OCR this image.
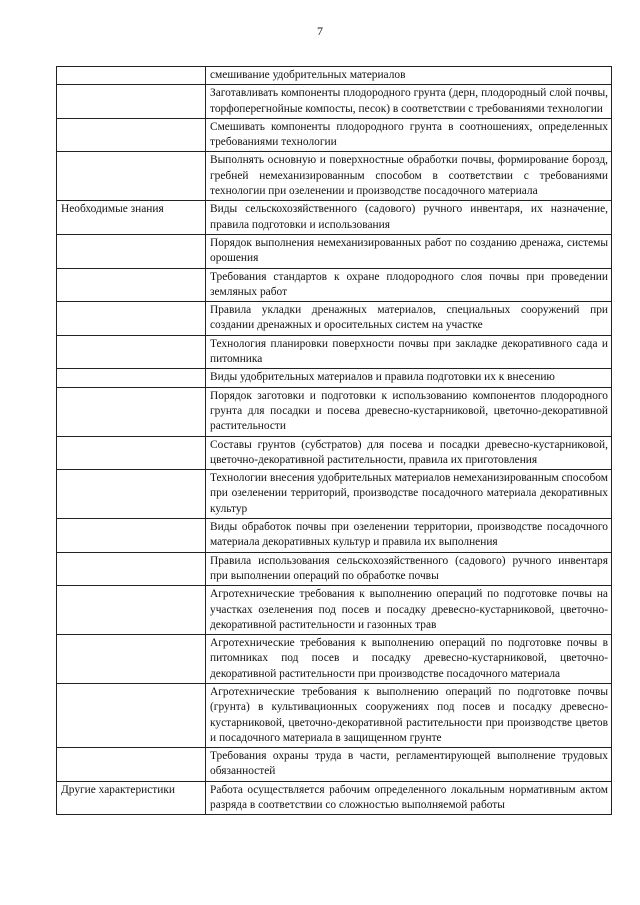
7
	смешивание удобрительных материалов
	Заготавливать компоненты плодородного грунта (дерн, плодородный слой почвы, торфоперегнойные компосты, песок) в соответствии с требованиями технологии
	Смешивать компоненты плодородного грунта в соотношениях, определенных требованиями технологии
	Выполнять основную и поверхностные обработки почвы, формирование борозд, гребней немеханизированным способом в соответствии с требованиями технологии при озеленении и производстве посадочного материала
Необходимые знания	Виды сельскохозяйственного (садового) ручного инвентаря, их назначение, правила подготовки и использования
	Порядок выполнения немеханизированных работ по созданию дренажа, системы орошения
	Требования стандартов к охране плодородного слоя почвы при проведении земляных работ
	Правила укладки дренажных материалов, специальных сооружений при создании дренажных и оросительных систем на участке
	Технология планировки поверхности почвы при закладке декоративного сада и питомника
	Виды удобрительных материалов и правила подготовки их к внесению
	Порядок заготовки и подготовки к использованию компонентов плодородного грунта для посадки и посева древесно-кустарниковой, цветочно-декоративной растительности
	Составы грунтов (субстратов) для посева и посадки древесно-кустарниковой, цветочно-декоративной растительности, правила их приготовления
	Технологии внесения удобрительных материалов немеханизированным способом при озеленении территорий, производстве посадочного материала декоративных культур
	Виды обработок почвы при озеленении территории, производстве посадочного материала декоративных культур и правила их выполнения
	Правила использования сельскохозяйственного (садового) ручного инвентаря при выполнении операций по обработке почвы
	Агротехнические требования к выполнению операций по подготовке почвы на участках озеленения под посев и посадку древесно-кустарниковой, цветочно-декоративной растительности и газонных трав
	Агротехнические требования к выполнению операций по подготовке почвы в питомниках под посев и посадку древесно-кустарниковой, цветочно-декоративной растительности при производстве посадочного материала
	Агротехнические требования к выполнению операций по подготовке почвы (грунта) в культивационных сооружениях под посев и посадку древесно-кустарниковой, цветочно-декоративной растительности при производстве цветов и посадочного материала в защищенном грунте
	Требования охраны труда в части, регламентирующей выполнение трудовых обязанностей
Другие характеристики	Работа осуществляется рабочим определенного локальным нормативным актом разряда в соответствии со сложностью выполняемой работы
